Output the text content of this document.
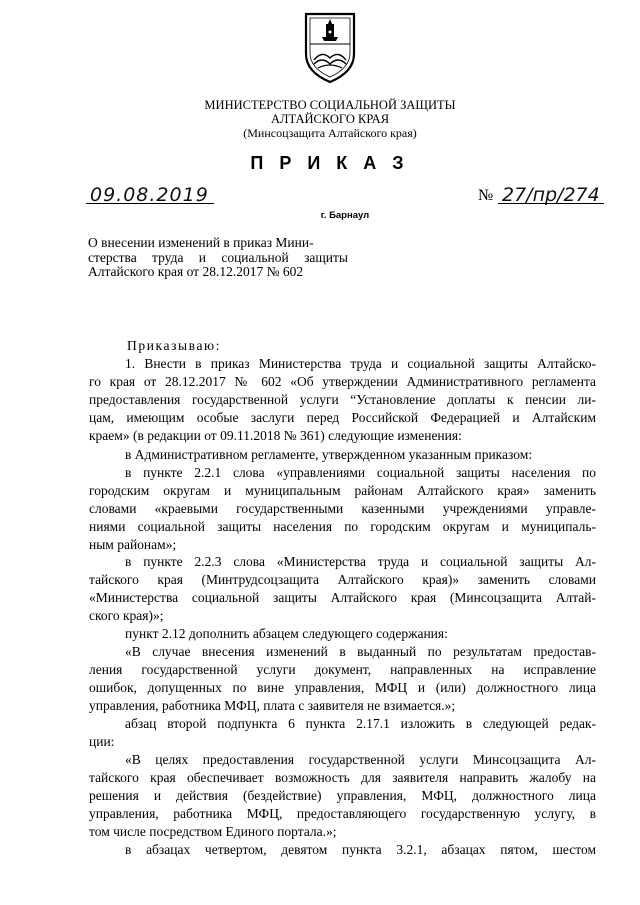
МИНИСТЕРСТВО СОЦИАЛЬНОЙ ЗАЩИТЫ
АЛТАЙСКОГО КРАЯ
(Минсоцзащита Алтайского края)
ПРИКАЗ
09.08.2019	№ 27/пр/274
г. Барнаул
О внесении изменений в приказ Мини-
стерства труда и социальной защиты
Алтайского края от 28.12.2017 № 602
Приказываю:
1. Внести в приказ Министерства труда и социальной защиты Алтайско-
го края от 28.12.2017 № 602 «Об утверждении Административного регламента
предоставления государственной услуги “Установление доплаты к пенсии ли-
цам, имеющим особые заслуги перед Российской Федерацией и Алтайским
краем» (в редакции от 09.11.2018 № 361) следующие изменения:
в Административном регламенте, утвержденном указанным приказом:
в пункте 2.2.1 слова «управлениями социальной защиты населения по
городским округам и муниципальным районам Алтайского края» заменить
словами «краевыми государственными казенными учреждениями управле-
ниями социальной защиты населения по городским округам и муниципаль-
ным районам»;
в пункте 2.2.3 слова «Министерства труда и социальной защиты Ал-
тайского края (Минтрудсоцзащита Алтайского края)» заменить словами
«Министерства социальной защиты Алтайского края (Минсоцзащита Алтай-
ского края)»;
пункт 2.12 дополнить абзацем следующего содержания:
«В случае внесения изменений в выданный по результатам предостав-
ления государственной услуги документ, направленных на исправление
ошибок, допущенных по вине управления, МФЦ и (или) должностного лица
управления, работника МФЦ, плата с заявителя не взимается.»;
абзац второй подпункта 6 пункта 2.17.1 изложить в следующей редак-
ции:
«В целях предоставления государственной услуги Минсоцзащита Ал-
тайского края обеспечивает возможность для заявителя направить жалобу на
решения и действия (бездействие) управления, МФЦ, должностного лица
управления, работника МФЦ, предоставляющего государственную услугу, в
том числе посредством Единого портала.»;
в абзацах четвертом, девятом пункта 3.2.1, абзацах пятом, шестом
